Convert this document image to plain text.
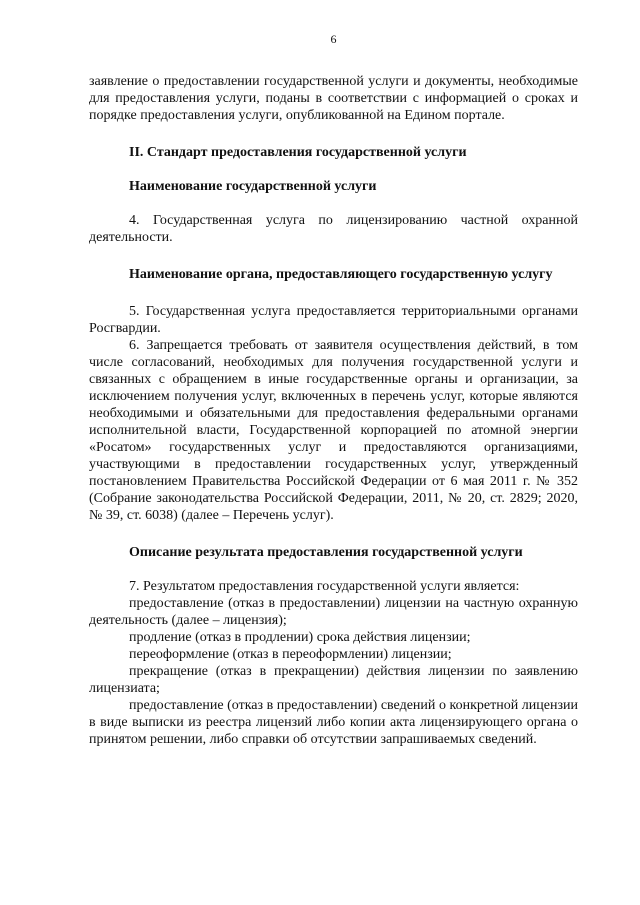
6

заявление о предоставлении государственной услуги и документы, необходимые для предоставления услуги, поданы в соответствии с информацией о сроках и порядке предоставления услуги, опубликованной на Едином портале.

II. Стандарт предоставления государственной услуги
Наименование государственной услуги

4. Государственная услуга по лицензированию частной охранной деятельности.

Наименование органа, предоставляющего государственную услугу

5. Государственная услуга предоставляется территориальными органами Росгвардии.

6. Запрещается требовать от заявителя осуществления действий, в том числе согласований, необходимых для получения государственной услуги и связанных с обращением в иные государственные органы и организации, за исключением получения услуг, включенных в перечень услуг, которые являются необходимыми и обязательными для предоставления федеральными органами исполнительной власти, Государственной корпорацией по атомной энергии «Росатом» государственных услуг и предоставляются организациями, участвующими в предоставлении государственных услуг, утвержденный постановлением Правительства Российской Федерации от 6 мая 2011 г. № 352 (Собрание законодательства Российской Федерации, 2011, № 20, ст. 2829; 2020, № 39, ст. 6038) (далее – Перечень услуг).

Описание результата предоставления государственной услуги

7. Результатом предоставления государственной услуги является:

предоставление (отказ в предоставлении) лицензии на частную охранную деятельность (далее – лицензия);

продление (отказ в продлении) срока действия лицензии;

переоформление (отказ в переоформлении) лицензии;

прекращение (отказ в прекращении) действия лицензии по заявлению лицензиата;

предоставление (отказ в предоставлении) сведений о конкретной лицензии в виде выписки из реестра лицензий либо копии акта лицензирующего органа о принятом решении, либо справки об отсутствии запрашиваемых сведений.
